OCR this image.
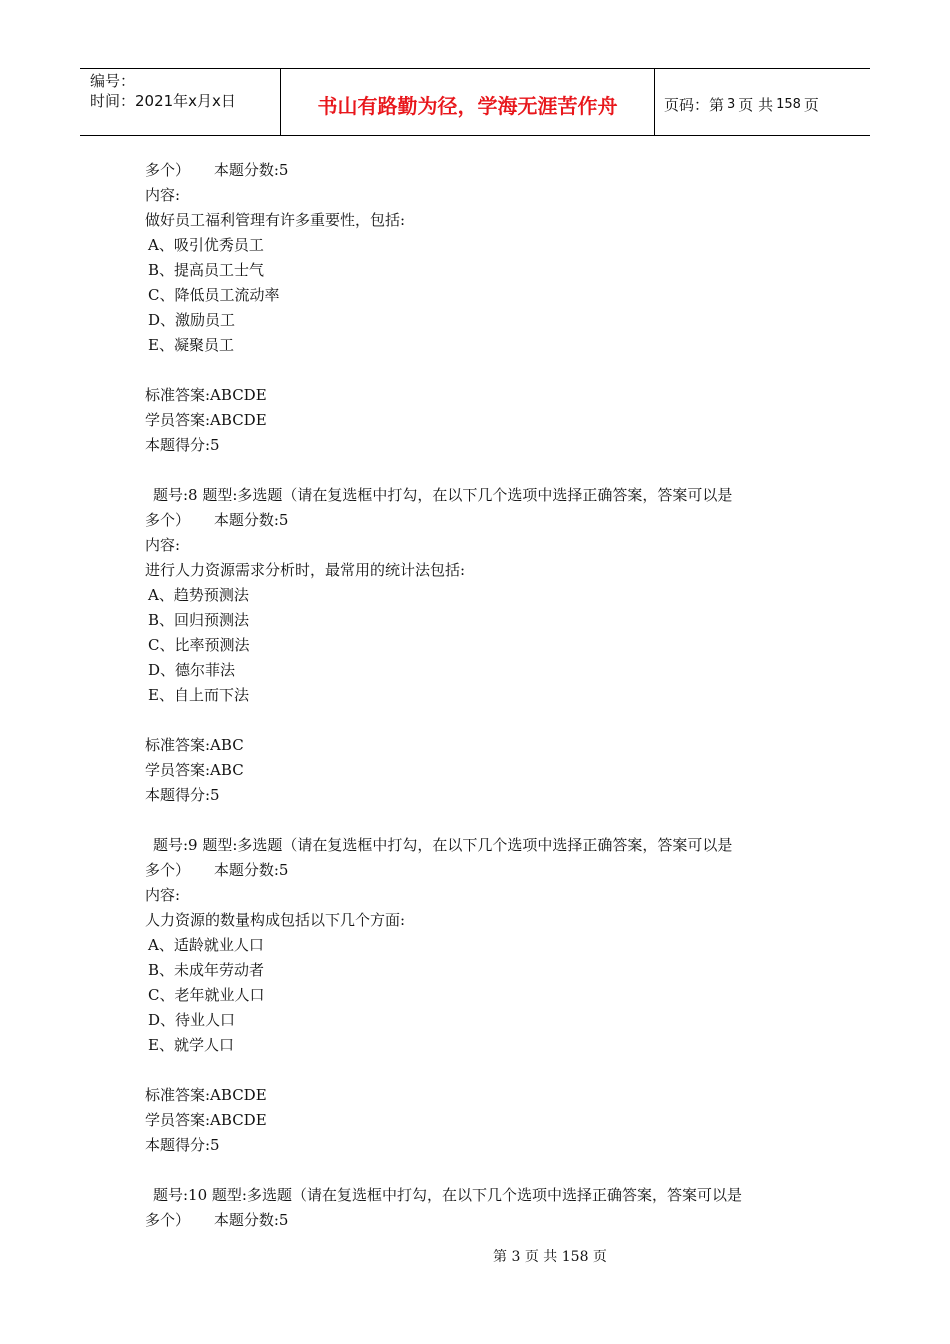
编号：
时间：2021年x月x日	书山有路勤为径，学海无涯苦作舟	页码：第 3 页 共 158 页
多个）     本题分数:5
内容:
做好员工福利管理有许多重要性，包括:
A、吸引优秀员工
B、提高员工士气
C、降低员工流动率
D、激励员工
E、凝聚员工
标准答案:ABCDE
学员答案:ABCDE
本题得分:5
题号:8 题型:多选题（请在复选框中打勾，在以下几个选项中选择正确答案，答案可以是
多个）     本题分数:5
内容:
进行人力资源需求分析时，最常用的统计法包括:
A、趋势预测法
B、回归预测法
C、比率预测法
D、德尔菲法
E、自上而下法
标准答案:ABC
学员答案:ABC
本题得分:5
题号:9 题型:多选题（请在复选框中打勾，在以下几个选项中选择正确答案，答案可以是
多个）     本题分数:5
内容:
人力资源的数量构成包括以下几个方面:
A、适龄就业人口
B、未成年劳动者
C、老年就业人口
D、待业人口
E、就学人口
标准答案:ABCDE
学员答案:ABCDE
本题得分:5
题号:10 题型:多选题（请在复选框中打勾，在以下几个选项中选择正确答案，答案可以是
多个）     本题分数:5
第 3 页 共 158 页
